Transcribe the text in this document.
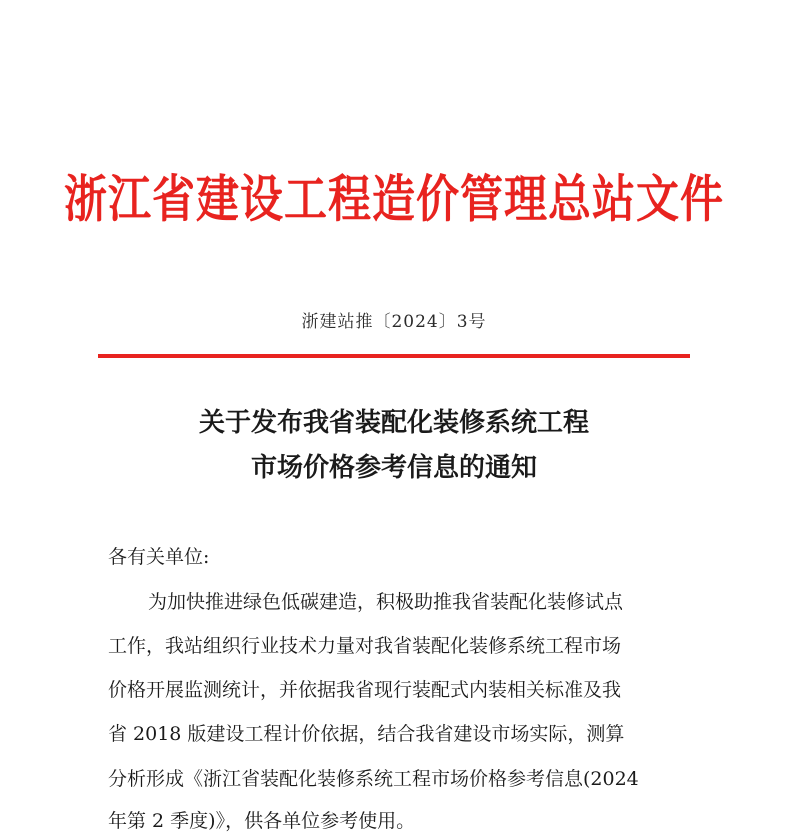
浙江省建设工程造价管理总站文件
浙建站推〔2024〕3号
关于发布我省装配化装修系统工程
市场价格参考信息的通知
各有关单位:
为加快推进绿色低碳建造，积极助推我省装配化装修试点
工作，我站组织行业技术力量对我省装配化装修系统工程市场
价格开展监测统计，并依据我省现行装配式内装相关标准及我
省 2018 版建设工程计价依据，结合我省建设市场实际，测算
分析形成《浙江省装配化装修系统工程市场价格参考信息(2024
年第 2 季度)》，供各单位参考使用。
